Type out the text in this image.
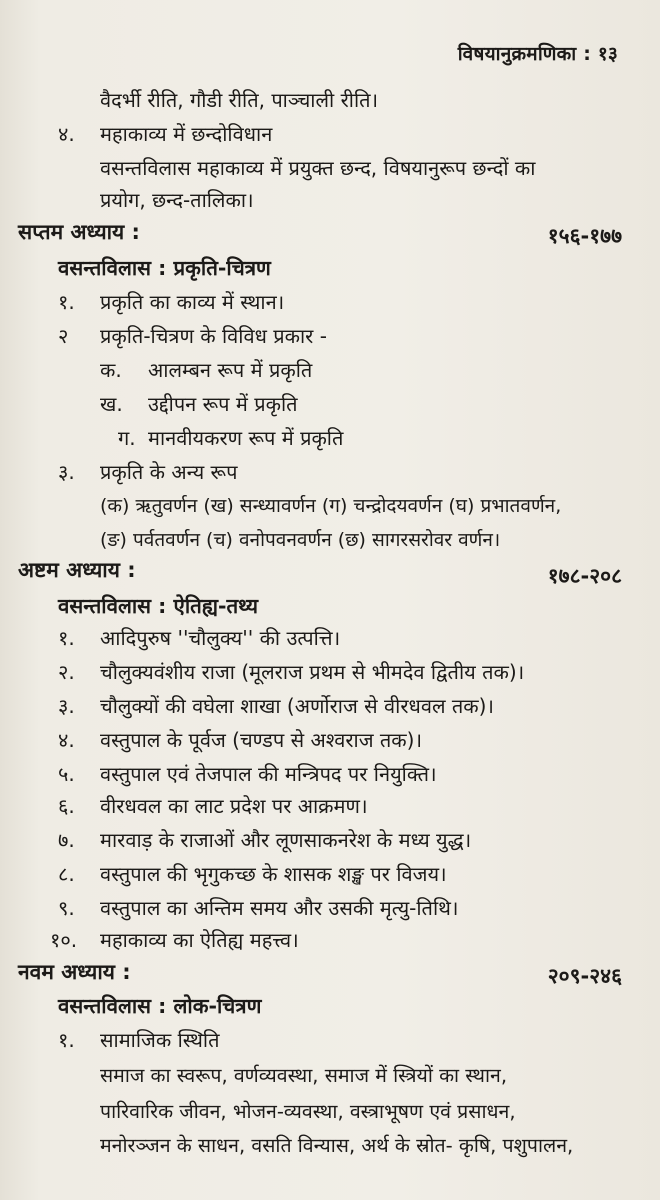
विषयानुक्रमणिका : १३
वैदर्भी रीति, गौडी रीति, पाञ्चाली रीति।
४. महाकाव्य में छन्दोविधान
वसन्तविलास महाकाव्य में प्रयुक्त छन्द, विषयानुरूप छन्दों का
प्रयोग, छन्द-तालिका।
सप्तम अध्याय :	१५६-१७७
वसन्तविलास : प्रकृति-चित्रण
१. प्रकृति का काव्य में स्थान।
२ प्रकृति-चित्रण के विविध प्रकार -
क. आलम्बन रूप में प्रकृति
ख. उद्दीपन रूप में प्रकृति
ग. मानवीयकरण रूप में प्रकृति
३. प्रकृति के अन्य रूप
(क) ऋतुवर्णन (ख) सन्ध्यावर्णन (ग) चन्द्रोदयवर्णन (घ) प्रभातवर्णन,
(ङ) पर्वतवर्णन (च) वनोपवनवर्णन (छ) सागरसरोवर वर्णन।
अष्टम अध्याय :	१७८-२०८
वसन्तविलास : ऐतिह्य-तथ्य
१. आदिपुरुष ''चौलुक्य'' की उत्पत्ति।
२. चौलुक्यवंशीय राजा (मूलराज प्रथम से भीमदेव द्वितीय तक)।
३. चौलुक्यों की वघेला शाखा (अर्णोराज से वीरधवल तक)।
४. वस्तुपाल के पूर्वज (चण्डप से अश्वराज तक)।
५. वस्तुपाल एवं तेजपाल की मन्त्रिपद पर नियुक्ति।
६. वीरधवल का लाट प्रदेश पर आक्रमण।
७. मारवाड़ के राजाओं और लूणसाकनरेश के मध्य युद्ध।
८. वस्तुपाल की भृगुकच्छ के शासक शङ्ख पर विजय।
९. वस्तुपाल का अन्तिम समय और उसकी मृत्यु-तिथि।
१०. महाकाव्य का ऐतिह्य महत्त्व।
नवम अध्याय :	२०९-२४६
वसन्तविलास : लोक-चित्रण
१. सामाजिक स्थिति
समाज का स्वरूप, वर्णव्यवस्था, समाज में स्त्रियों का स्थान,
पारिवारिक जीवन, भोजन-व्यवस्था, वस्त्राभूषण एवं प्रसाधन,
मनोरञ्जन के साधन, वसति विन्यास, अर्थ के स्रोत- कृषि, पशुपालन,
